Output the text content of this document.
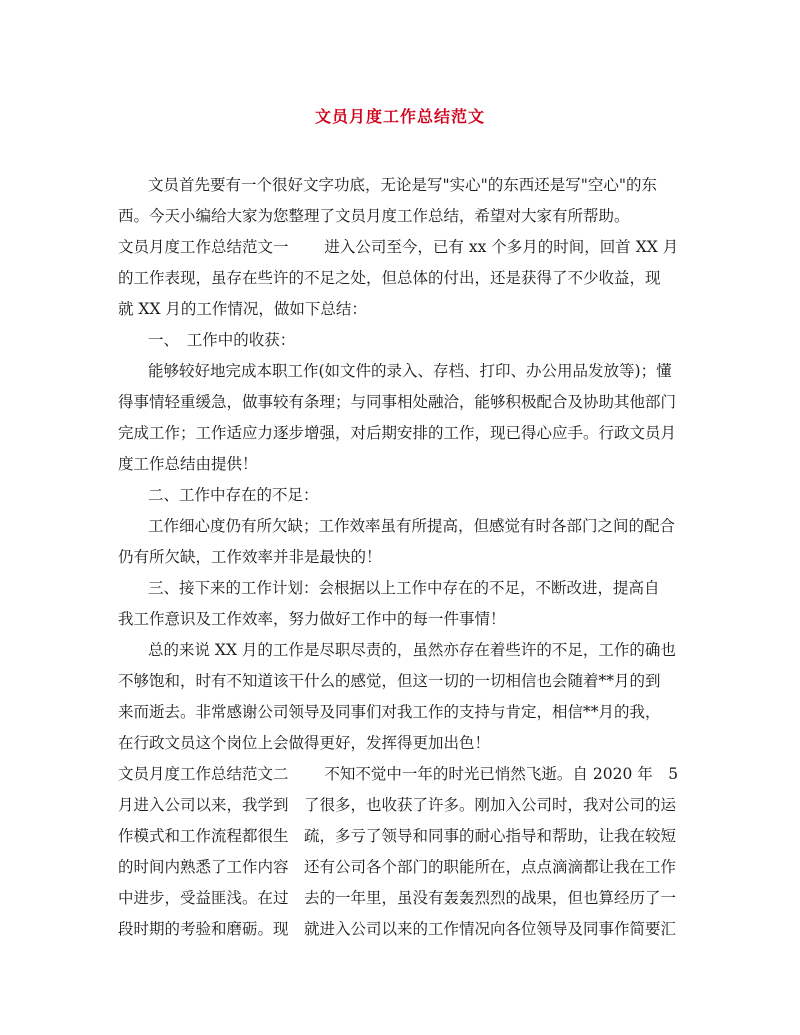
文员月度工作总结范文
文员首先要有一个很好文字功底，无论是写"实心"的东西还是写"空心"的东
西。今天小编给大家为您整理了文员月度工作总结，希望对大家有所帮助。
文员月度工作总结范文一　　 进入公司至今，已有 xx 个多月的时间，回首 XX 月
的工作表现，虽存在些许的不足之处，但总体的付出，还是获得了不少收益，现
就 XX 月的工作情况，做如下总结：
一、　工作中的收获：
能够较好地完成本职工作(如文件的录入、存档、打印、办公用品发放等)；懂
得事情轻重缓急，做事较有条理；与同事相处融洽，能够积极配合及协助其他部门
完成工作；工作适应力逐步增强，对后期安排的工作，现已得心应手。行政文员月
度工作总结由提供！
二、工作中存在的不足：
工作细心度仍有所欠缺；工作效率虽有所提高，但感觉有时各部门之间的配合
仍有所欠缺，工作效率并非是最快的！
三、接下来的工作计划：会根据以上工作中存在的不足，不断改进，提高自
我工作意识及工作效率，努力做好工作中的每一件事情！
总的来说 XX 月的工作是尽职尽责的，虽然亦存在着些许的不足，工作的确也
不够饱和，时有不知道该干什么的感觉，但这一切的一切相信也会随着**月的到
来而逝去。非常感谢公司领导及同事们对我工作的支持与肯定，相信**月的我，
在行政文员这个岗位上会做得更好，发挥得更加出色！
文员月度工作总结范文二　　 不知不觉中一年的时光已悄然飞逝。自 2020 年　5
月进入公司以来，我学到　了很多，也收获了许多。刚加入公司时，我对公司的运
作模式和工作流程都很生　疏，多亏了领导和同事的耐心指导和帮助，让我在较短
的时间内熟悉了工作内容　还有公司各个部门的职能所在，点点滴滴都让我在工作
中进步，受益匪浅。在过　去的一年里，虽没有轰轰烈烈的战果，但也算经历了一
段时期的考验和磨砺。现　就进入公司以来的工作情况向各位领导及同事作简要汇
